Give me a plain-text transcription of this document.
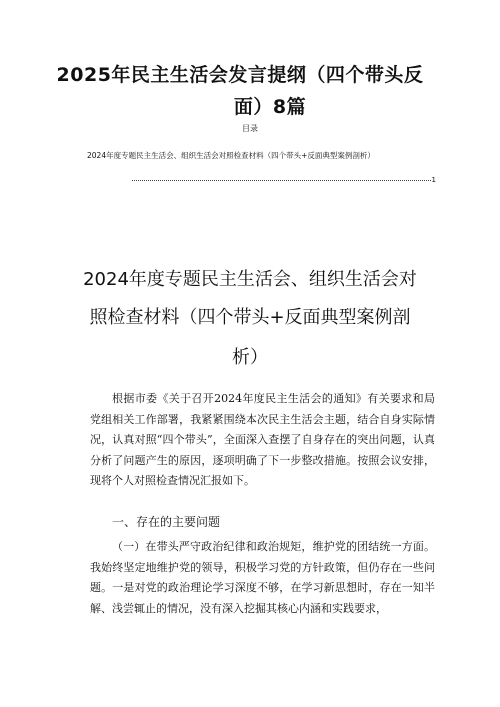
2025年民主生活会发言提纲（四个带头反
面）8篇
目录
2024年度专题民主生活会、组织生活会对照检查材料（四个带头+反面典型案例剖析）
1
2024年度专题民主生活会、组织生活会对
照检查材料（四个带头+反面典型案例剖
析）

根据市委《关于召开2024年度民主生活会的通知》有关要求和局党组相关工作部署，我紧紧围绕本次民主生活会主题，结合自身实际情况，认真对照“四个带头”，全面深入查摆了自身存在的突出问题，认真分析了问题产生的原因，逐项明确了下一步整改措施。按照会议安排，现将个人对照检查情况汇报如下。

一、存在的主要问题

（一）在带头严守政治纪律和政治规矩，维护党的团结统一方面。我始终坚定地维护党的领导，积极学习党的方针政策，但仍存在一些问题。一是对党的政治理论学习深度不够，在学习新思想时，存在一知半解、浅尝辄止的情况，没有深入挖掘其核心内涵和实践要求，
